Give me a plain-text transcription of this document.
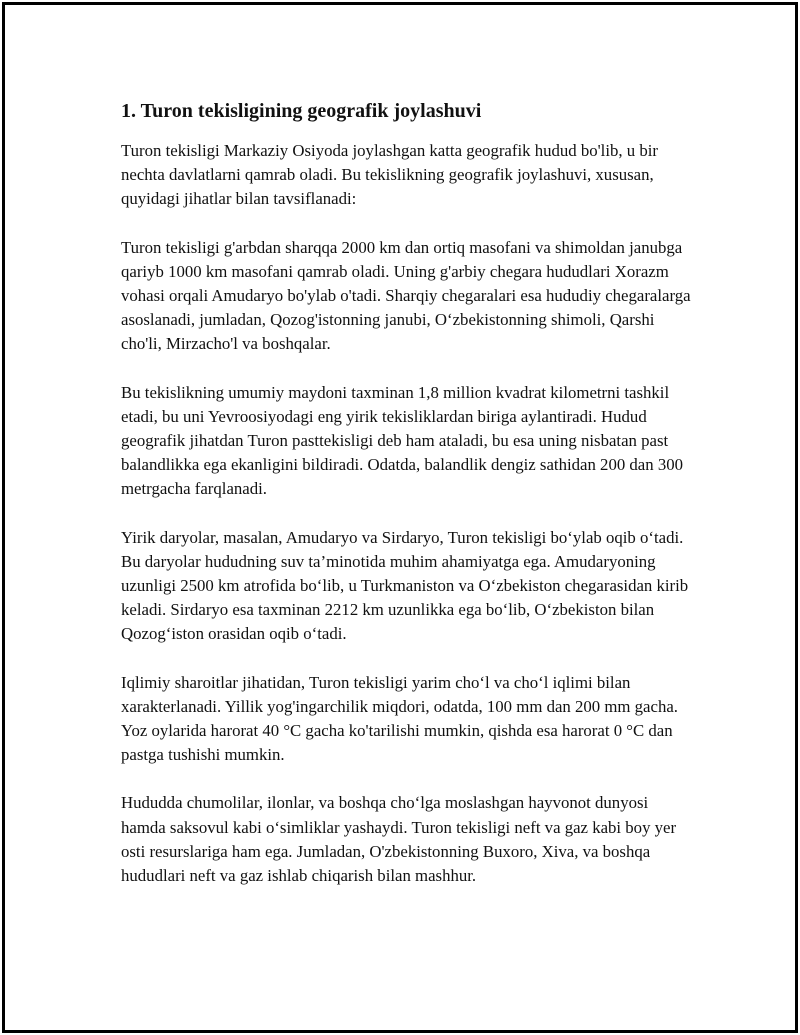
1. Turon tekisligining geografik joylashuvi

Turon tekisligi Markaziy Osiyoda joylashgan katta geografik hudud bo'lib, u bir nechta davlatlarni qamrab oladi. Bu tekislikning geografik joylashuvi, xususan, quyidagi jihatlar bilan tavsiflanadi:

Turon tekisligi g'arbdan sharqqa 2000 km dan ortiq masofani va shimoldan janubga qariyb 1000 km masofani qamrab oladi. Uning g'arbiy chegara hududlari Xorazm vohasi orqali Amudaryo bo'ylab o'tadi. Sharqiy chegaralari esa hududiy chegaralarga asoslanadi, jumladan, Qozog'istonning janubi, O‘zbekistonning shimoli, Qarshi cho'li, Mirzacho'l va boshqalar.

Bu tekislikning umumiy maydoni taxminan 1,8 million kvadrat kilometrni tashkil etadi, bu uni Yevroosiyodagi eng yirik tekisliklardan biriga aylantiradi. Hudud geografik jihatdan Turon pasttekisligi deb ham ataladi, bu esa uning nisbatan past balandlikka ega ekanligini bildiradi. Odatda, balandlik dengiz sathidan 200 dan 300 metrgacha farqlanadi.

Yirik daryolar, masalan, Amudaryo va Sirdaryo, Turon tekisligi bo‘ylab oqib o‘tadi. Bu daryolar hududning suv ta’minotida muhim ahamiyatga ega. Amudaryoning uzunligi 2500 km atrofida bo‘lib, u Turkmaniston va O‘zbekiston chegarasidan kirib keladi. Sirdaryo esa taxminan 2212 km uzunlikka ega bo‘lib, O‘zbekiston bilan Qozog‘iston orasidan oqib o‘tadi.

Iqlimiy sharoitlar jihatidan, Turon tekisligi yarim cho‘l va cho‘l iqlimi bilan xarakterlanadi. Yillik yog'ingarchilik miqdori, odatda, 100 mm dan 200 mm gacha. Yoz oylarida harorat 40 °C gacha ko'tarilishi mumkin, qishda esa harorat 0 °C dan pastga tushishi mumkin.

Hududda chumolilar, ilonlar, va boshqa cho‘lga moslashgan hayvonot dunyosi hamda saksovul kabi o‘simliklar yashaydi. Turon tekisligi neft va gaz kabi boy yer osti resurslariga ham ega. Jumladan, O'zbekistonning Buxoro, Xiva, va boshqa hududlari neft va gaz ishlab chiqarish bilan mashhur.
